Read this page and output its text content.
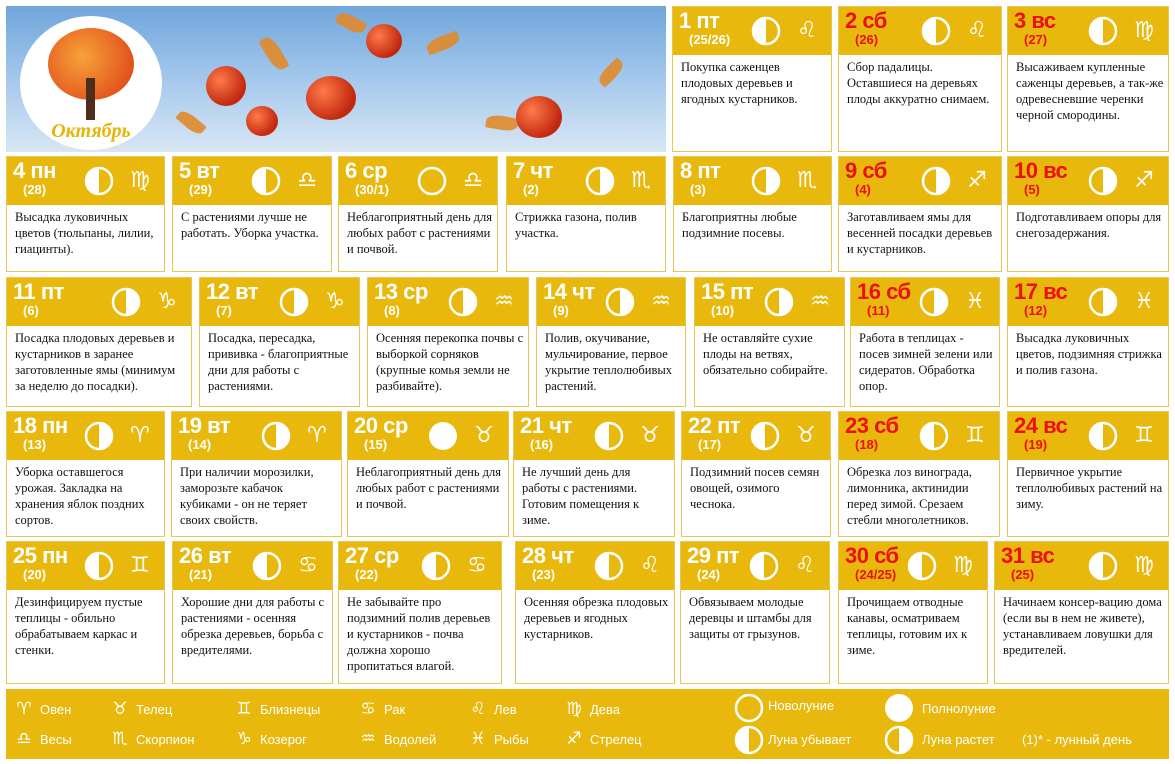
Октябрь
1 пт
(25/26)	♌
Покупка саженцев плодовых деревьев и ягодных кустарников.
2 сб
(26)	♌
Сбор падалицы. Оставшиеся на деревьях плоды аккуратно снимаем.
3 вс
(27)	♍
Высаживаем купленные саженцы деревьев, а так-же одревесневшие черенки черной смородины.
4 пн
(28)	♍
Высадка луковичных цветов (тюльпаны, лилии, гиацинты).
5 вт
(29)	♎
С растениями лучше не работать. Уборка участка.
6 ср
(30/1)	♎
Неблагоприятный день для любых работ с растениями и почвой.
7 чт
(2)	♏
Стрижка газона, полив участка.
8 пт
(3)	♏
Благоприятны любые подзимние посевы.
9 сб
(4)	♐
Заготавливаем ямы для весенней посадки деревьев и кустарников.
10 вс
(5)	♐
Подготавливаем опоры для снегозадержания.
11 пт
(6)	♑
Посадка плодовых деревьев и кустарников в заранее заготовленные ямы (минимум за неделю до посадки).
12 вт
(7)	♑
Посадка, пересадка, прививка - благоприятные дни для работы с растениями.
13 ср
(8)	♒
Осенняя перекопка почвы с выборкой сорняков (крупные комья земли не разбивайте).
14 чт
(9)	♒
Полив, окучивание, мульчирование, первое укрытие теплолюбивых растений.
15 пт
(10)	♒
Не оставляйте сухие плоды на ветвях, обязательно собирайте.
16 сб
(11)	♓
Работа в теплицах - посев зимней зелени или сидератов. Обработка опор.
17 вс
(12)	♓
Высадка луковичных цветов, подзимняя стрижка и полив газона.
18 пн
(13)	♈
Уборка оставшегося урожая. Закладка на хранения яблок поздних сортов.
19 вт
(14)	♈
При наличии морозилки, заморозьте кабачок кубиками - он не теряет своих свойств.
20 ср
(15)	♉
Неблагоприятный день для любых работ с растениями и почвой.
21 чт
(16)	♉
Не лучший день для работы с растениями. Готовим помещения к зиме.
22 пт
(17)	♉
Подзимний посев семян овощей, озимого чеснока.
23 сб
(18)	♊
Обрезка лоз винограда, лимонника, актинидии перед зимой. Срезаем стебли многолетников.
24 вс
(19)	♊
Первичное укрытие теплолюбивых растений на зиму.
25 пн
(20)	♊
Дезинфицируем пустые теплицы - обильно обрабатываем каркас и стенки.
26 вт
(21)	♋
Хорошие дни для работы с растениями - осенняя обрезка деревьев, борьба с вредителями.
27 ср
(22)	♋
Не забывайте про подзимний полив деревьев и кустарников - почва должна хорошо пропитаться влагой.
28 чт
(23)	♌
Осенняя обрезка плодовых деревьев и ягодных кустарников.
29 пт
(24)	♌
Обвязываем молодые деревцы и штамбы для защиты от грызунов.
30 сб
(24/25)	♍
Прочищаем отводные канавы, осматриваем теплицы, готовим их к зиме.
31 вс
(25)	♍
Начинаем консер-вацию дома (если вы в нем не живете), устанавливаем ловушки для вредителей.
♈ Овен ♉ Телец	♊ Близнецы ♋ Рак	♌ Лев	♍ Дева
♎ Весы ♏ Скорпион ♑ Козерог	♒ Водолей ♓ Рыбы ♐ Стрелец
Новолуние	Полнолуние
Луна убывает	Луна растет (1)* - лунный день
